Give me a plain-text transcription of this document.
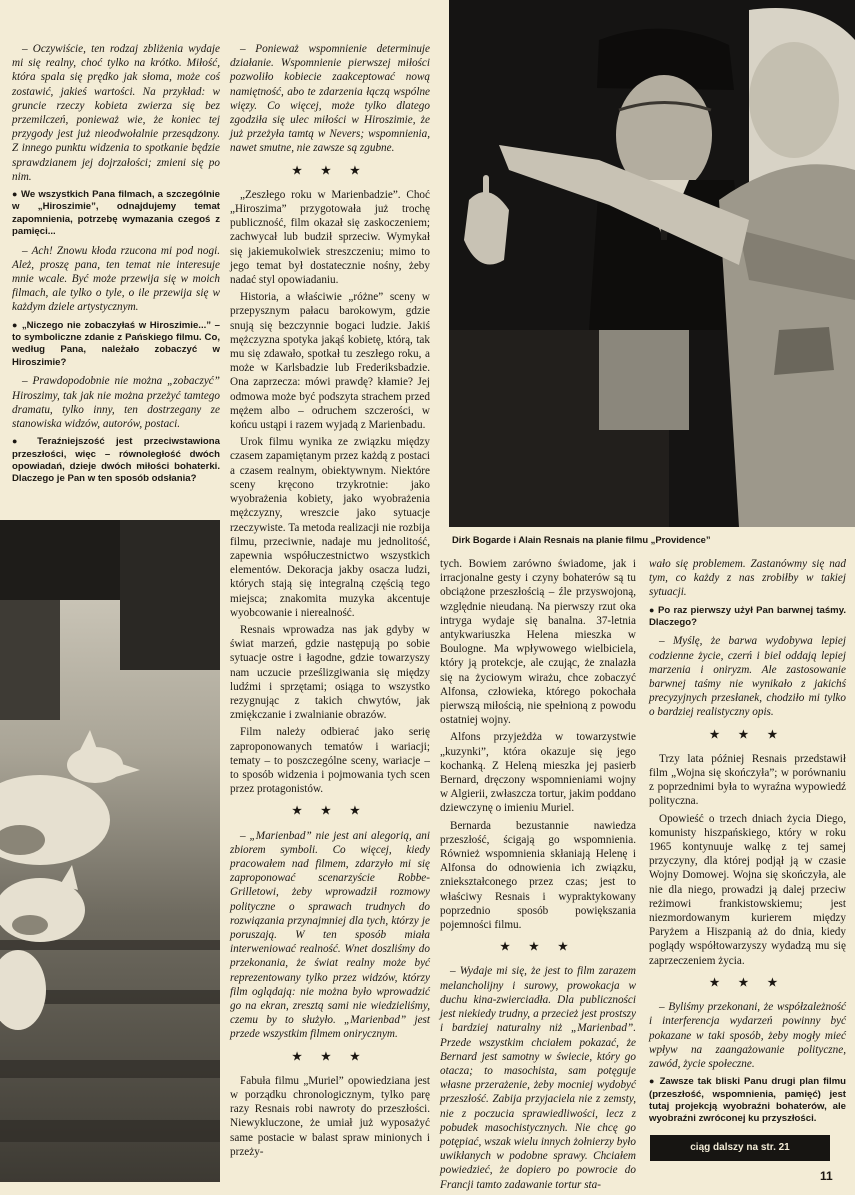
– Oczywiście, ten rodzaj zbliżenia wydaje mi się realny, choć tylko na krótko. Miłość, która spala się prędko jak słoma, może coś zostawić, jakieś wartości. Na przykład: w gruncie rzeczy kobieta zwierza się bez przemilczeń, ponieważ wie, że koniec tej przygody jest już nieodwołalnie przesądzony. Z innego punktu widzenia to spotkanie będzie sprawdzianem jej dojrzałości; zmieni się po nim.

● We wszystkich Pana filmach, a szczególnie w „Hiroszimie”, odnajdujemy temat zapomnienia, potrzebę wymazania czegoś z pamięci...

– Ach! Znowu kłoda rzucona mi pod nogi. Ależ, proszę pana, ten temat nie interesuje mnie wcale. Być może przewija się w moich filmach, ale tylko o tyle, o ile przewija się w każdym dziele artystycznym.

● „Niczego nie zobaczyłaś w Hiroszimie...” – to symboliczne zdanie z Pańskiego filmu. Co, według Pana, należało zobaczyć w Hiroszimie?

– Prawdopodobnie nie można „zobaczyć” Hiroszimy, tak jak nie można przeżyć tamtego dramatu, tylko inny, ten dostrzegany ze stanowiska widzów, autorów, postaci.

● Teraźniejszość jest przeciwstawiona przeszłości, więc – równoległość dwóch opowiadań, dzieje dwóch miłości bohaterki. Dlaczego je Pan w ten sposób odsłania?

– Ponieważ wspomnienie determinuje działanie. Wspomnienie pierwszej miłości pozwoliło kobiecie zaakceptować nową namiętność, abo te zdarzenia łączą wspólne więzy. Co więcej, może tylko dlatego zgodziła się ulec miłości w Hiroszimie, że już przeżyła tamtą w Nevers; wspomnienia, nawet smutne, nie zawsze są zgubne.

★ ★ ★

„Zeszłego roku w Marienbadzie”. Choć „Hiroszima” przygotowała już trochę publiczność, film okazał się zaskoczeniem; zachwycał lub budził sprzeciw. Wymykał się jakiemukolwiek streszczeniu; mimo to jego temat był dostatecznie nośny, żeby nadać styl opowiadaniu.

Historia, a właściwie „różne” sceny w przepysznym pałacu barokowym, gdzie snują się bezczynnie bogaci ludzie. Jakiś mężczyzna spotyka jakąś kobietę, którą, tak mu się zdawało, spotkał tu zeszłego roku, a może w Karlsbadzie lub Frederiksbadzie. Ona zaprzecza: mówi prawdę? kłamie? Jej odmowa może być podszyta strachem przed mężem albo – odruchem szczerości, w końcu ustąpi i razem wyjadą z Marienbadu.

Urok filmu wynika ze związku między czasem zapamiętanym przez każdą z postaci a czasem realnym, obiektywnym. Niektóre sceny kręcono trzykrotnie: jako wyobrażenia kobiety, jako wyobrażenia mężczyzny, wreszcie jako sytuacje rzeczywiste. Ta metoda realizacji nie rozbija filmu, przeciwnie, nadaje mu jednolitość, zapewnia współuczestnictwo wszystkich elementów. Dekoracja jakby osacza ludzi, których stają się integralną częścią tego miejsca; znakomita muzyka akcentuje wyobcowanie i nierealność.

Resnais wprowadza nas jak gdyby w świat marzeń, gdzie następują po sobie sytuacje ostre i łagodne, gdzie towarzyszy nam uczucie prześlizgiwania się między ludźmi i sprzętami; osiąga to wszystko rezygnując z takich chwytów, jak zmiękczanie i zwalnianie obrazów.

Film należy odbierać jako serię zaproponowanych tematów i wariacji; tematy – to poszczególne sceny, wariacje – to sposób widzenia i pojmowania tych scen przez protagonistów.

★ ★ ★

– „Marienbad” nie jest ani alegorią, ani zbiorem symboli. Co więcej, kiedy pracowałem nad filmem, zdarzyło mi się zaproponować scenarzyście Robbe-Grilletowi, żeby wprowadził rozmowy polityczne o sprawach trudnych do rozwiązania przynajmniej dla tych, którzy je poruszają. W ten sposób miała interweniować realność. Wnet doszliśmy do przekonania, że świat realny może być reprezentowany tylko przez widzów, którzy film oglądają: nie można było wprowadzić go na ekran, zresztą sami nie wiedzieliśmy, czemu by to służyło. „Marienbad” jest przede wszystkim filmem onirycznym.

★ ★ ★

Fabuła filmu „Muriel” opowiedziana jest w porządku chronologicznym, tylko parę razy Resnais robi nawroty do przeszłości. Niewykluczone, że umiał już wyposażyć same postacie w balast spraw minionych i przeży-

Dirk Bogarde i Alain Resnais na planie filmu „Providence”

tych. Bowiem zarówno świadome, jak i irracjonalne gesty i czyny bohaterów są tu obciążone przeszłością – źle przyswojoną, względnie nieudaną. Na pierwszy rzut oka intryga wydaje się banalna. 37-letnia antykwariuszka Helena mieszka w Boulogne. Ma wpływowego wielbiciela, który ją protekcje, ale czując, że znalazła się na życiowym wirażu, chce zobaczyć Alfonsa, człowieka, którego pokochała pierwszą miłością, nie spełnioną z powodu ostatniej wojny.

Alfons przyjeżdża w towarzystwie „kuzynki”, która okazuje się jego kochanką. Z Heleną mieszka jej pasierb Bernard, dręczony wspomnieniami wojny w Algierii, zwłaszcza tortur, jakim poddano dziewczynę o imieniu Muriel.

Bernarda bezustannie nawiedza przeszłość, ścigają go wspomnienia. Również wspomnienia skłaniają Helenę i Alfonsa do odnowienia ich związku, zniekształconego przez czas; jest to właściwy Resnais i wypraktykowany poprzednio sposób powiększania pojemności filmu.

★ ★ ★

– Wydaje mi się, że jest to film zarazem melancholijny i surowy, prowokacja w duchu kina-zwierciadła. Dla publiczności jest niekiedy trudny, a przecież jest prostszy i bardziej naturalny niż „Marienbad”. Przede wszystkim chciałem pokazać, że Bernard jest samotny w świecie, który go otacza; to masochista, sam potęguje własne przerażenie, żeby mocniej wydobyć przeszłość. Zabija przyjaciela nie z zemsty, nie z poczucia sprawiedliwości, lecz z pobudek masochistycznych. Nie chcę go potępiać, wszak wielu innych żołnierzy było uwikłanych w podobne sprawy. Chciałem powiedzieć, że dopiero po powrocie do Francji tamto zadawanie tortur sta-

wało się problemem. Zastanówmy się nad tym, co każdy z nas zrobiłby w takiej sytuacji.

● Po raz pierwszy użył Pan barwnej taśmy. Dlaczego?

– Myślę, że barwa wydobywa lepiej codzienne życie, czerń i biel oddają lepiej marzenia i oniryzm. Ale zastosowanie barwnej taśmy nie wynikało z jakichś precyzyjnych przesłanek, chodziło mi tylko o bardziej realistyczny opis.

★ ★ ★

Trzy lata później Resnais przedstawił film „Wojna się skończyła”; w porównaniu z poprzednimi była to wyraźna wypowiedź polityczna.

Opowieść o trzech dniach życia Diego, komunisty hiszpańskiego, który w roku 1965 kontynuuje walkę z tej samej przyczyny, dla której podjął ją w czasie Wojny Domowej. Wojna się skończyła, ale nie dla niego, prowadzi ją dalej przeciw reżimowi frankistowskiemu; jest niezmordowanym kurierem między Paryżem a Hiszpanią aż do dnia, kiedy poglądy współtowarzyszy wydadzą mu się zaprzeczeniem życia.

★ ★ ★

– Byliśmy przekonani, że współzależność i interferencja wydarzeń powinny być pokazane w taki sposób, żeby mogły mieć wpływ na zaangażowanie polityczne, zawód, życie społeczne.

● Zawsze tak bliski Panu drugi plan filmu (przeszłość, wspomnienia, pamięć) jest tutaj projekcją wyobraźni bohaterów, ale wyobraźni zwróconej ku przyszłości.

ciąg dalszy na str. 21
11
